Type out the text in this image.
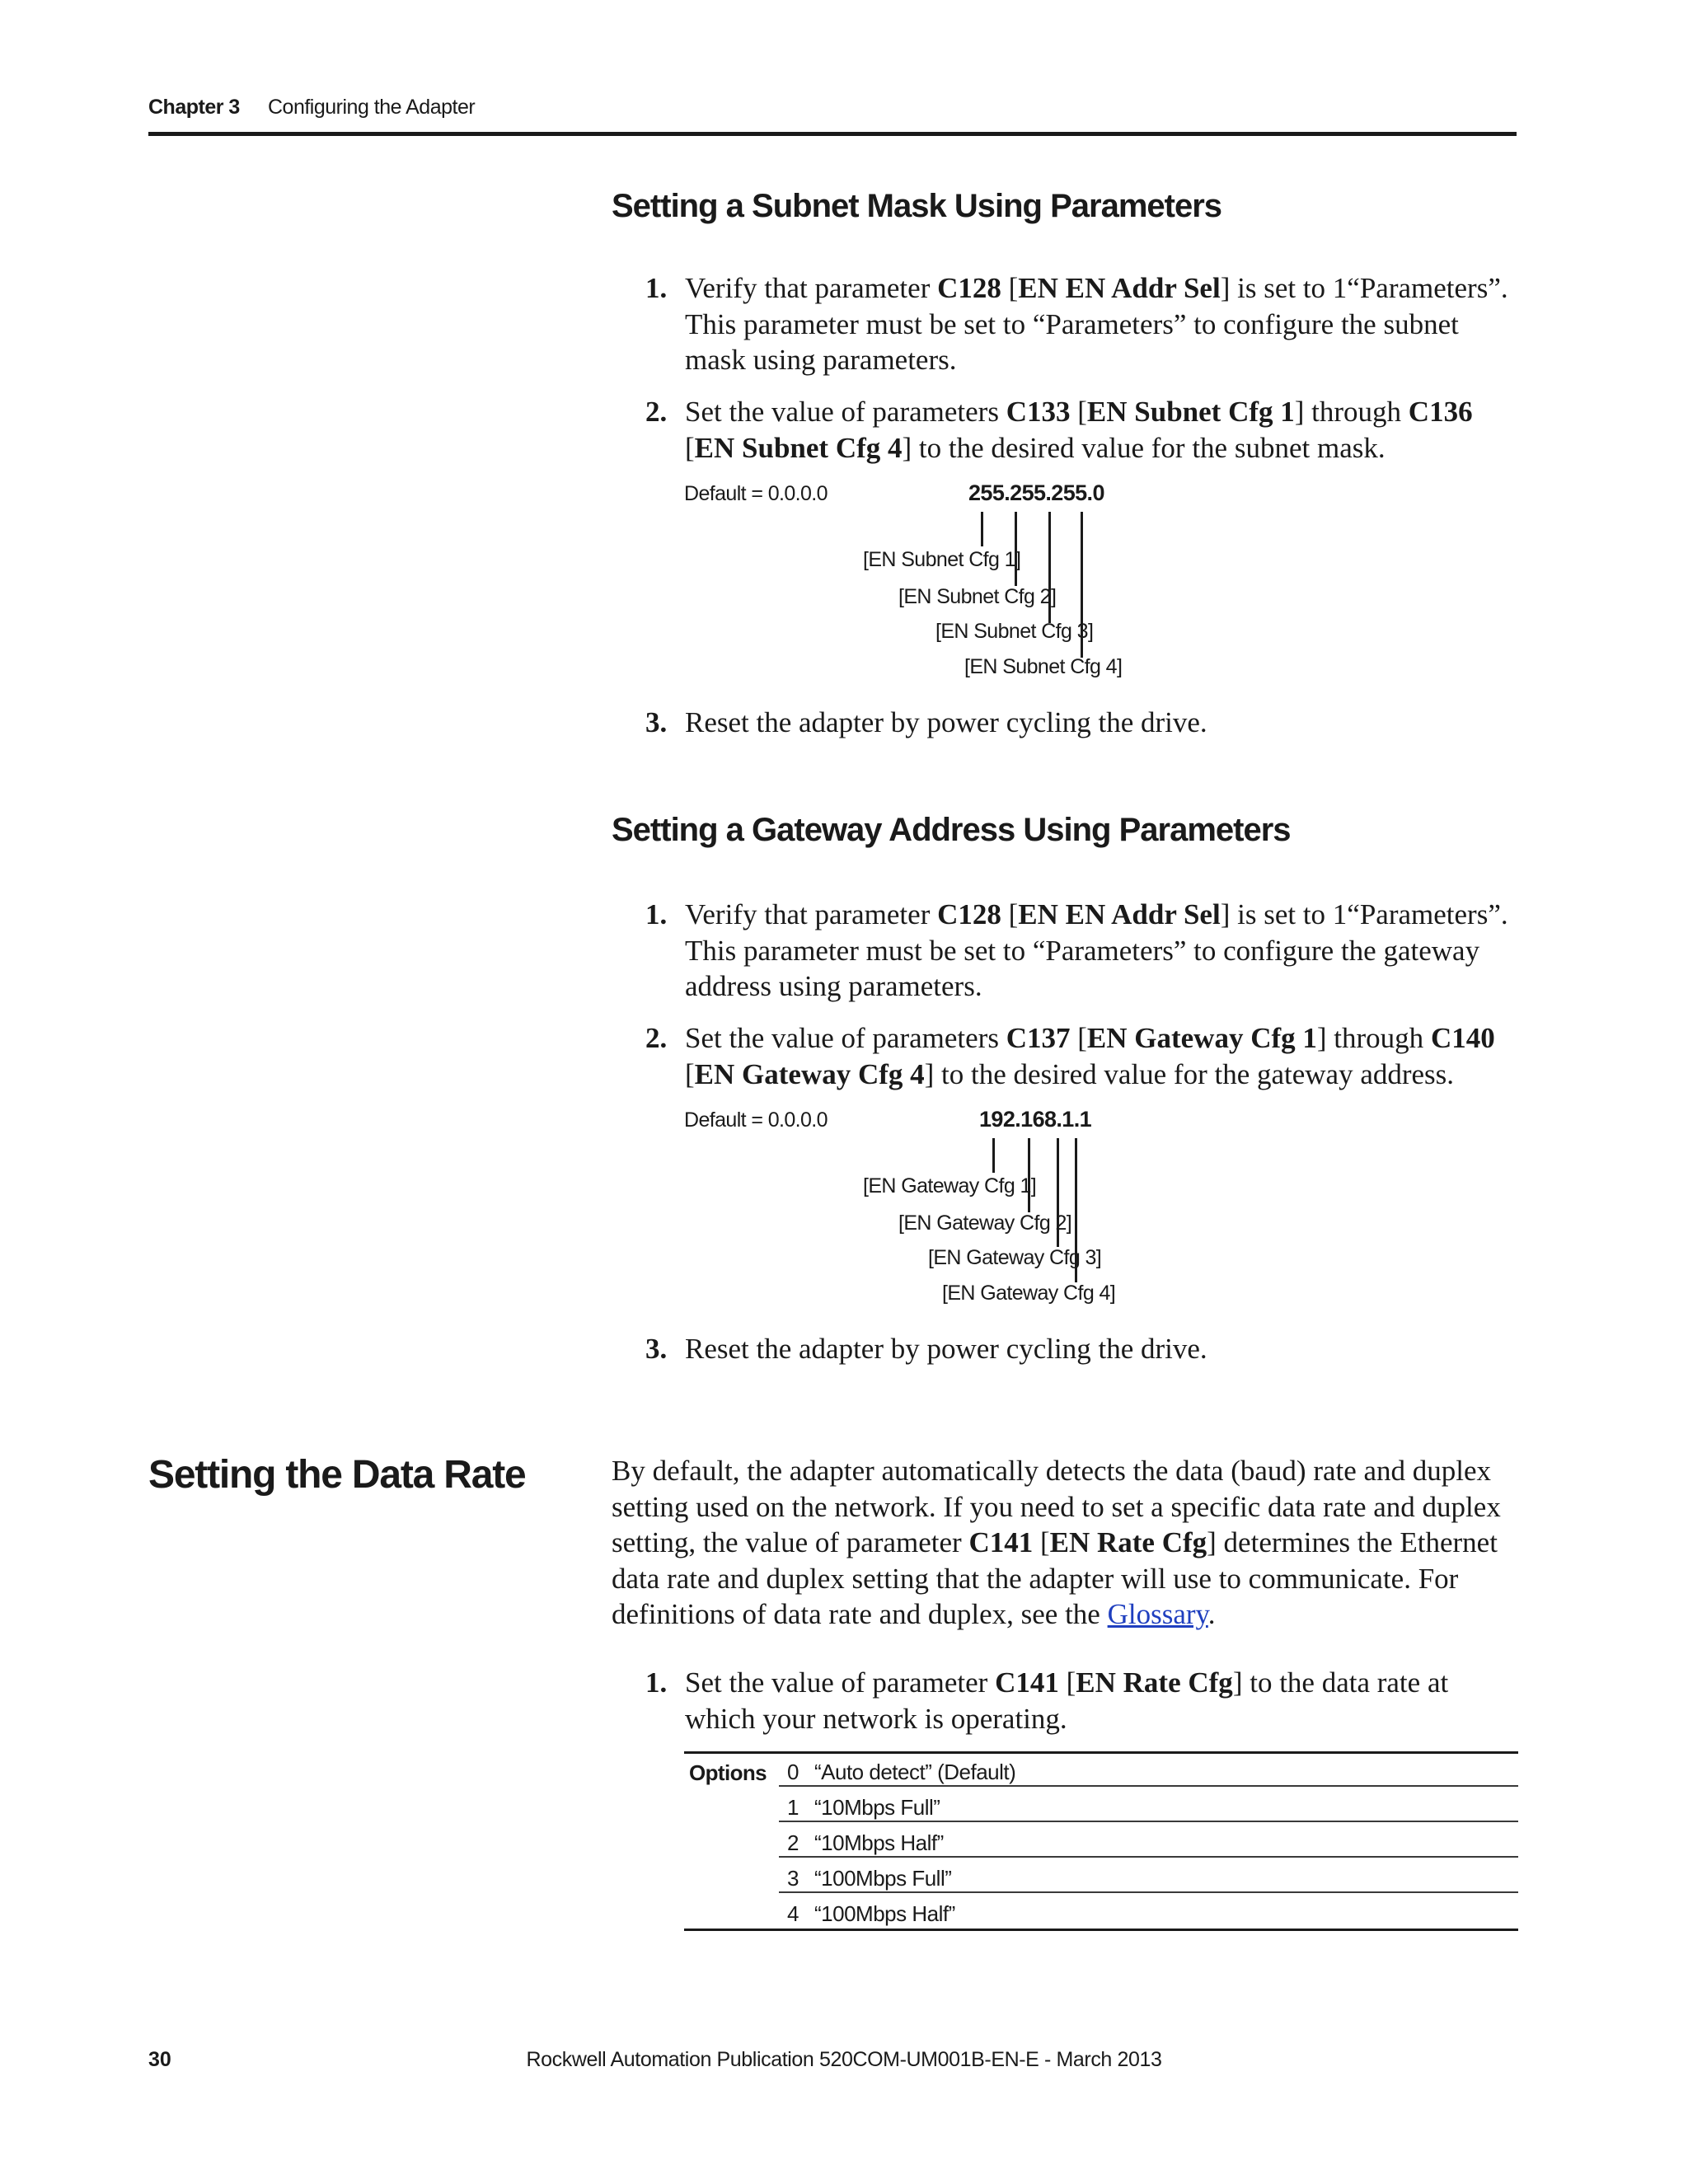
Chapter 3 Configuring the Adapter
Setting a Subnet Mask Using Parameters
1. Verify that parameter C128 [EN EN Addr Sel] is set to 1“Parameters”. This parameter must be set to “Parameters” to configure the subnet mask using parameters.
2. Set the value of parameters C133 [EN Subnet Cfg 1] through C136 [EN Subnet Cfg 4] to the desired value for the subnet mask.
Default = 0.0.0.0	255.255.255.0
[EN Subnet Cfg 1]
[EN Subnet Cfg 2]
[EN Subnet Cfg 3]
[EN Subnet Cfg 4]
3. Reset the adapter by power cycling the drive.
Setting a Gateway Address Using Parameters
1. Verify that parameter C128 [EN EN Addr Sel] is set to 1“Parameters”. This parameter must be set to “Parameters” to configure the gateway address using parameters.
2. Set the value of parameters C137 [EN Gateway Cfg 1] through C140 [EN Gateway Cfg 4] to the desired value for the gateway address.
Default = 0.0.0.0	192.168.1.1
[EN Gateway Cfg 1]
[EN Gateway Cfg 2]
[EN Gateway Cfg 3]
[EN Gateway Cfg 4]
3. Reset the adapter by power cycling the drive.
Setting the Data Rate	By default, the adapter automatically detects the data (baud) rate and duplex setting used on the network. If you need to set a specific data rate and duplex setting, the value of parameter C141 [EN Rate Cfg] determines the Ethernet data rate and duplex setting that the adapter will use to communicate. For definitions of data rate and duplex, see the Glossary.
1. Set the value of parameter C141 [EN Rate Cfg] to the data rate at which your network is operating.
Options 0 “Auto detect” (Default)
1 “10Mbps Full”
2 “10Mbps Half”
3 “100Mbps Full”
4 “100Mbps Half”
Rockwell Automation Publication 520COM-UM001B-EN-E - March 2013
30
